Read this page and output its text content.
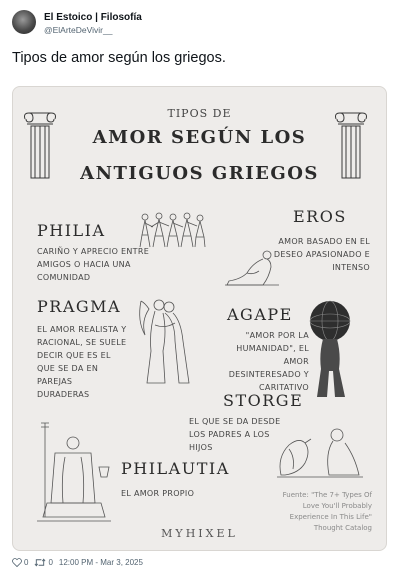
El Estoico | Filosofía
@ElArteDeVivir__
Tipos de amor según los griegos.
TIPOS DE
AMOR SEGÚN LOS
ANTIGUOS GRIEGOS
PHILIA
CARIÑO Y APRECIO ENTRE
AMIGOS O HACIA UNA
COMUNIDAD
EROS
AMOR BASADO EN EL
DESEO APASIONADO E
INTENSO
PRAGMA
EL AMOR REALISTA Y
RACIONAL, SE SUELE
DECIR QUE ES EL
QUE SE DA EN
PAREJAS
DURADERAS
AGAPE
"AMOR POR LA
HUMANIDAD", EL AMOR
DESINTERESADO Y
CARITATIVO
STORGE
EL QUE SE DA DESDE
LOS PADRES A LOS
HIJOS
PHILAUTIA
EL AMOR PROPIO	Fuente: "The 7+ Types Of
Love You'll Probably
Experience In This Life"
Thought Catalog
MYHIXEL
0	0 12:00 PM - Mar 3, 2025
